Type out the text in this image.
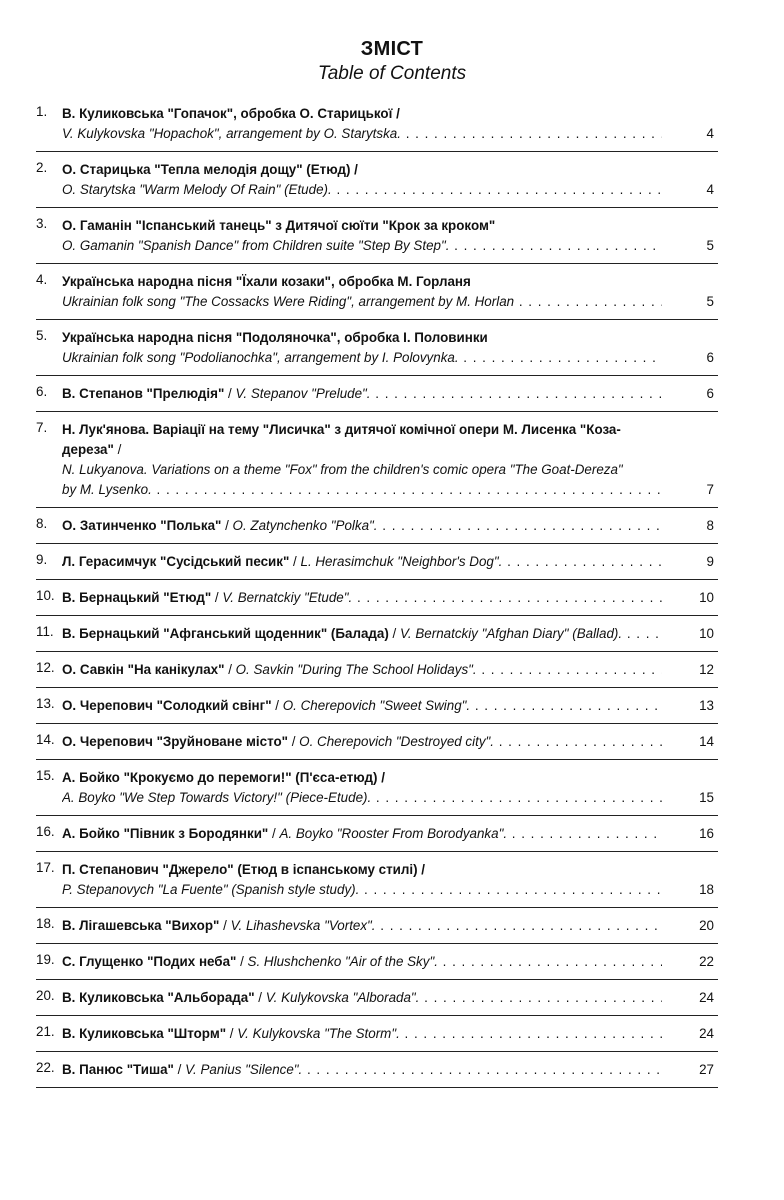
ЗМІСТ
Table of Contents
1.	В. Куликовська "Гопачок", обробка О. Старицької /
V. Kulykovska "Hopachok", arrangement by O. Starytska. . . .	4
2.	О. Старицька "Тепла мелодія дощу" (Етюд) /
O. Starytska "Warm Melody Of Rain" (Etude). . . .	4
3.	О. Гаманін "Іспанський танець" з Дитячої сюїти "Крок за кроком"
O. Gamanin "Spanish Dance" from Children suite "Step By Step". . . .	5
4.	Українська народна пісня "Їхали козаки", обробка М. Горланя
Ukrainian folk song "The Cossacks Were Riding", arrangement by M. Horlan . . .	5
5.	Українська народна пісня "Подоляночка", обробка І. Половинки
Ukrainian folk song "Podolianochka", arrangement by I. Polovynka. . . .	6
6.	В. Степанов "Прелюдія" / V. Stepanov "Prelude". . . .	6
7.	Н. Лук'янова. Варіації на тему "Лисичка" з дитячої комічної опери М. Лисенка "Коза-дереза" /
N. Lukyanova. Variations on a theme "Fox" from the children's comic opera "The Goat-Dereza"
by M. Lysenko. . . .	7
8.	О. Затинченко "Полька" / O. Zatynchenko "Polka". . . .	8
9.	Л. Герасимчук "Сусідський песик" / L. Herasimchuk "Neighbor's Dog". . . .	9
10. В. Бернацький "Етюд" / V. Bernatckiy "Etude". . . .	10
11. В. Бернацький "Афганський щоденник" (Балада) / V. Bernatckiy "Afghan Diary" (Ballad). . . .	10
12. О. Савкін "На канікулах" / O. Savkin "During The School Holidays". . . .	12
13. О. Черепович "Солодкий свінг" / O. Cherepovich "Sweet Swing". . . .	13
14. О. Черепович "Зруйноване місто" / O. Cherepovich "Destroyed city". . . .	14
15. А. Бойко "Крокуємо до перемоги!" (П'єса-етюд) /
A. Boyko "We Step Towards Victory!" (Piece-Etude). . . .	15
16. А. Бойко "Півник з Бородянки" / A. Boyko "Rooster From Borodyanka". . . .	16
17. П. Степанович "Джерело" (Етюд в іспанському стилі) /
P. Stepanovych "La Fuente" (Spanish style study). . . .	18
18. В. Лігашевська "Вихор" / V. Lihashevska "Vortex". . . .	20
19. С. Глущенко "Подих неба" / S. Hlushchenko "Air of the Sky". . . .	22
20. В. Куликовська "Альборада" / V. Kulykovska "Alborada". . . .	24
21. В. Куликовська "Шторм" / V. Kulykovska "The Storm". . . .	24
22. В. Панюс "Тиша" / V. Panius "Silence". . . .	27
